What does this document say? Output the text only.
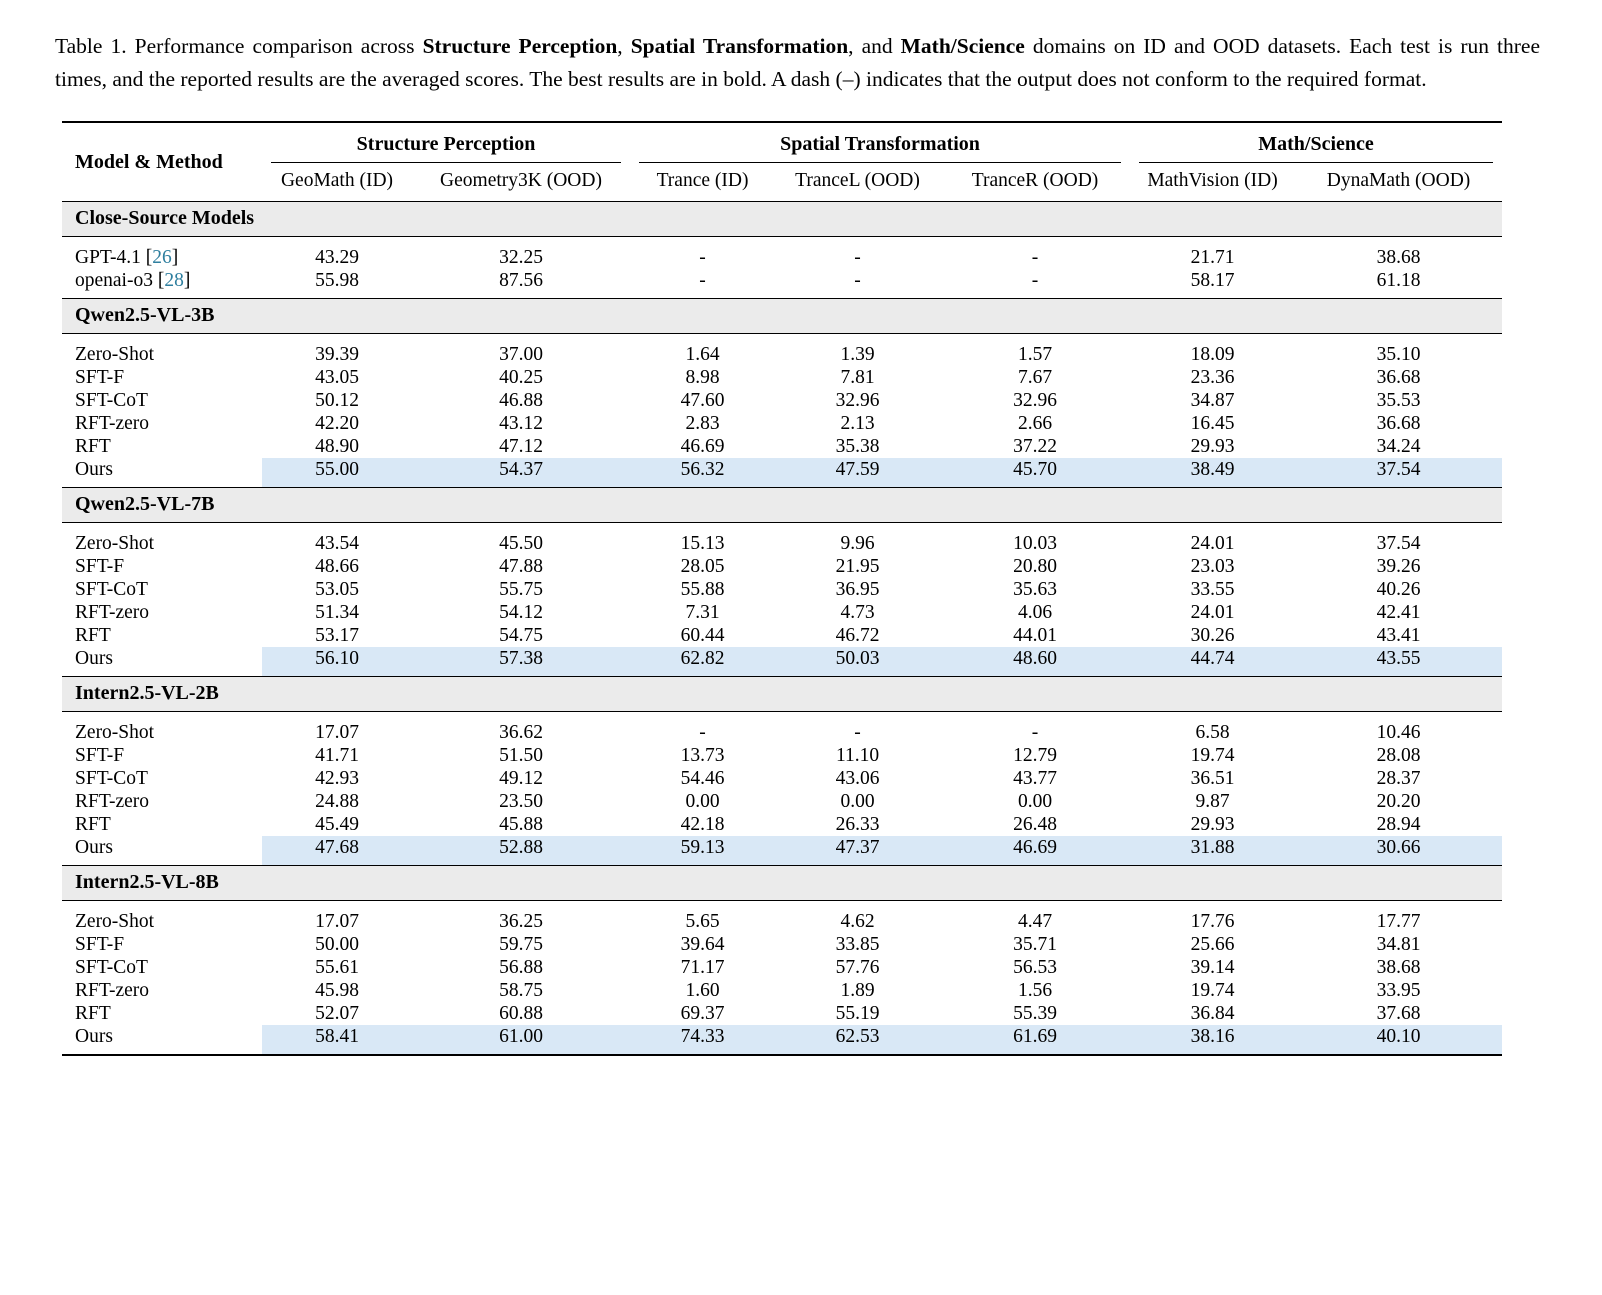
Table 1. Performance comparison across Structure Perception, Spatial Transformation, and Math/Science domains on ID and OOD datasets. Each test is run three times, and the reported results are the averaged scores. The best results are in bold. A dash (–) indicates that the output does not conform to the required format.
Model & Method	Structure Perception		Spatial Transformation			Math/Science	

	GeoMath (ID)	Geometry3K (OOD)	Trance (ID)	TranceL (OOD)	TranceR (OOD)	MathVision (ID)	DynaMath (OOD)
Close-Source Models							
GPT-4.1 [26]	43.29	32.25	-	-	-	21.71	38.68
openai-o3 [28]	55.98	87.56	-	-	-	58.17	61.18
Qwen2.5-VL-3B							
Zero-Shot	39.39	37.00	1.64	1.39	1.57	18.09	35.10
SFT-F	43.05	40.25	8.98	7.81	7.67	23.36	36.68
SFT-CoT	50.12	46.88	47.60	32.96	32.96	34.87	35.53
RFT-zero	42.20	43.12	2.83	2.13	2.66	16.45	36.68
RFT	48.90	47.12	46.69	35.38	37.22	29.93	34.24
Ours	55.00	54.37	56.32	47.59	45.70	38.49	37.54
Qwen2.5-VL-7B							
Zero-Shot	43.54	45.50	15.13	9.96	10.03	24.01	37.54
SFT-F	48.66	47.88	28.05	21.95	20.80	23.03	39.26
SFT-CoT	53.05	55.75	55.88	36.95	35.63	33.55	40.26
RFT-zero	51.34	54.12	7.31	4.73	4.06	24.01	42.41
RFT	53.17	54.75	60.44	46.72	44.01	30.26	43.41
Ours	56.10	57.38	62.82	50.03	48.60	44.74	43.55
Intern2.5-VL-2B							
Zero-Shot	17.07	36.62	-	-	-	6.58	10.46
SFT-F	41.71	51.50	13.73	11.10	12.79	19.74	28.08
SFT-CoT	42.93	49.12	54.46	43.06	43.77	36.51	28.37
RFT-zero	24.88	23.50	0.00	0.00	0.00	9.87	20.20
RFT	45.49	45.88	42.18	26.33	26.48	29.93	28.94
Ours	47.68	52.88	59.13	47.37	46.69	31.88	30.66
Intern2.5-VL-8B							
Zero-Shot	17.07	36.25	5.65	4.62	4.47	17.76	17.77
SFT-F	50.00	59.75	39.64	33.85	35.71	25.66	34.81
SFT-CoT	55.61	56.88	71.17	57.76	56.53	39.14	38.68
RFT-zero	45.98	58.75	1.60	1.89	1.56	19.74	33.95
RFT	52.07	60.88	69.37	55.19	55.39	36.84	37.68
Ours	58.41	61.00	74.33	62.53	61.69	38.16	40.10
